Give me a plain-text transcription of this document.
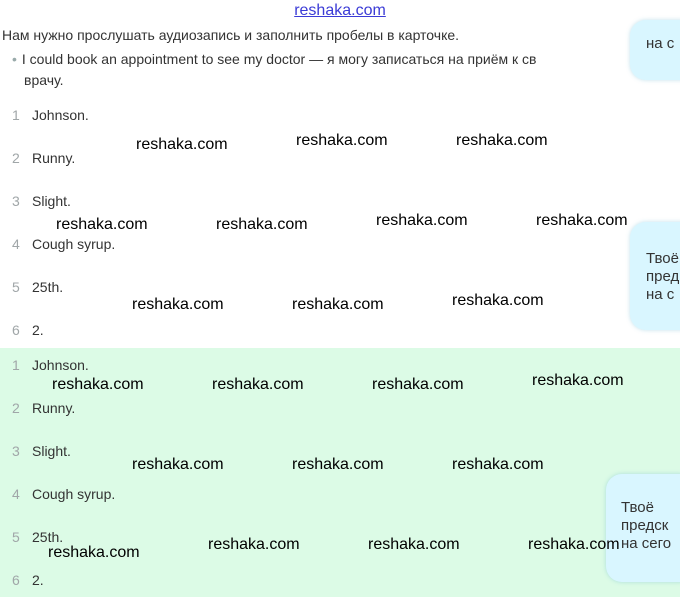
reshaka.com
Нам нужно прослушать аудиозапись и заполнить пробелы в карточке.
• I could book an appointment to see my doctor — я могу записаться на приём к св
врачу.
на с
1 Johnson.
2 Runny.
3 Slight.
4 Cough syrup.
5 25th.
6 2.
Твоё
пред
на с
1 Johnson.
2 Runny.
3 Slight.
4 Cough syrup.
5 25th.
6 2.
Твоё
предск
на сего
reshaka.com	reshaka.com	reshaka.com
reshaka.com	reshaka.com	reshaka.com	reshaka.com
reshaka.com	reshaka.com	reshaka.com
reshaka.com	reshaka.com	reshaka.com	reshaka.com
reshaka.com	reshaka.com	reshaka.com
reshaka.com	reshaka.com	reshaka.com	reshaka.com
